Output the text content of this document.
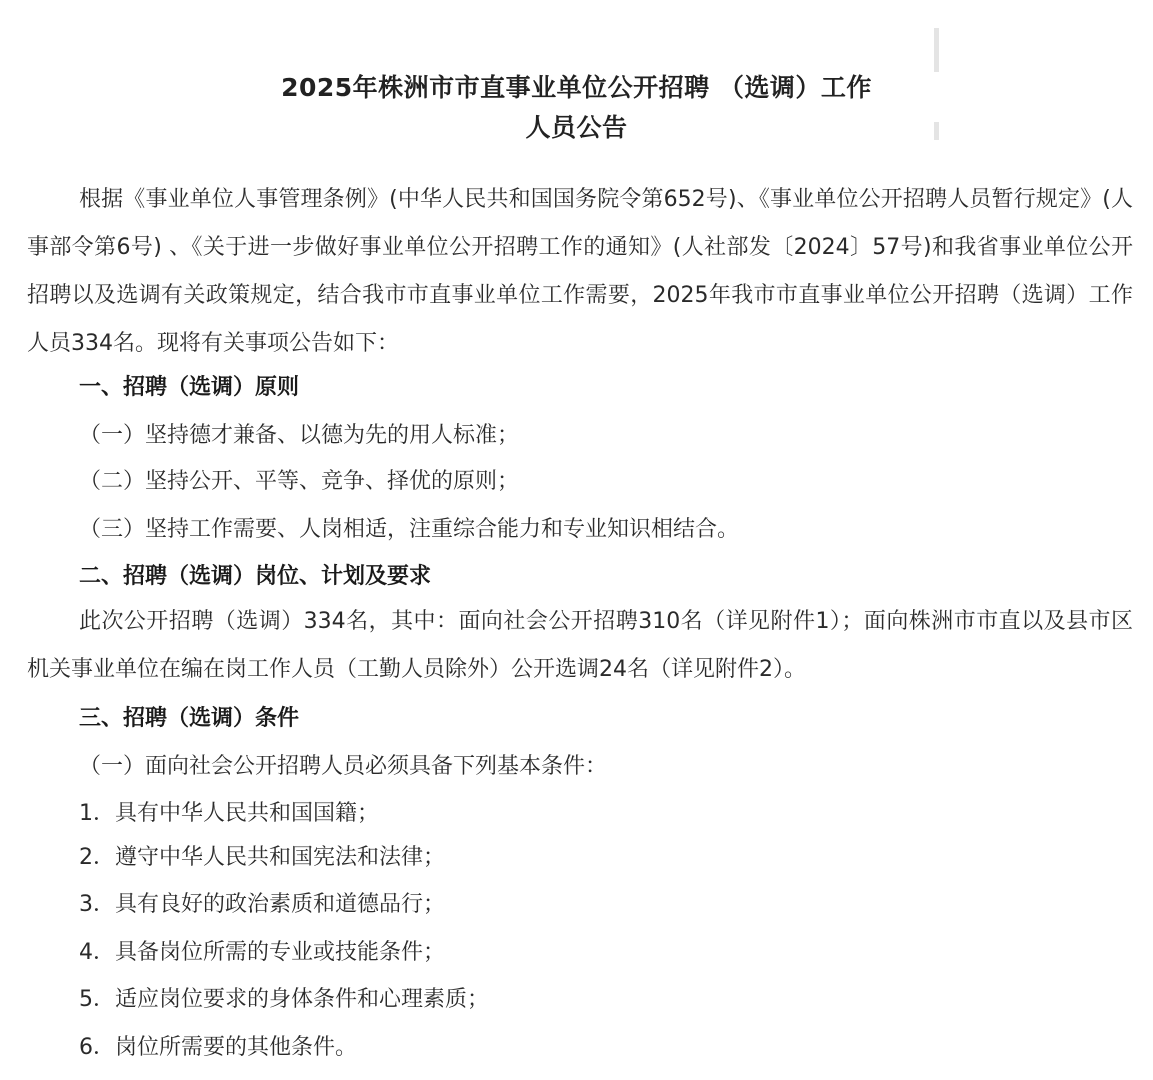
2025年株洲市市直事业单位公开招聘 （选调）工作
人员公告

根据《事业单位人事管理条例》(中华人民共和国国务院令第652号)、《事业单位公开招聘人员暂行规定》(人事部令第6号) 、《关于进一步做好事业单位公开招聘工作的通知》(人社部发〔2024〕57号)和我省事业单位公开招聘以及选调有关政策规定，结合我市市直事业单位工作需要，2025年我市市直事业单位公开招聘（选调）工作人员334名。现将有关事项公告如下：

一、招聘（选调）原则
（一）坚持德才兼备、以德为先的用人标准；
（二）坚持公开、平等、竞争、择优的原则；
（三）坚持工作需要、人岗相适，注重综合能力和专业知识相结合。
二、招聘（选调）岗位、计划及要求

此次公开招聘（选调）334名，其中：面向社会公开招聘310名（详见附件1）；面向株洲市市直以及县市区机关事业单位在编在岗工作人员（工勤人员除外）公开选调24名（详见附件2）。

三、招聘（选调）条件
（一）面向社会公开招聘人员必须具备下列基本条件：
1．具有中华人民共和国国籍；
2．遵守中华人民共和国宪法和法律；
3．具有良好的政治素质和道德品行；
4．具备岗位所需的专业或技能条件；
5．适应岗位要求的身体条件和心理素质；
6．岗位所需要的其他条件。
